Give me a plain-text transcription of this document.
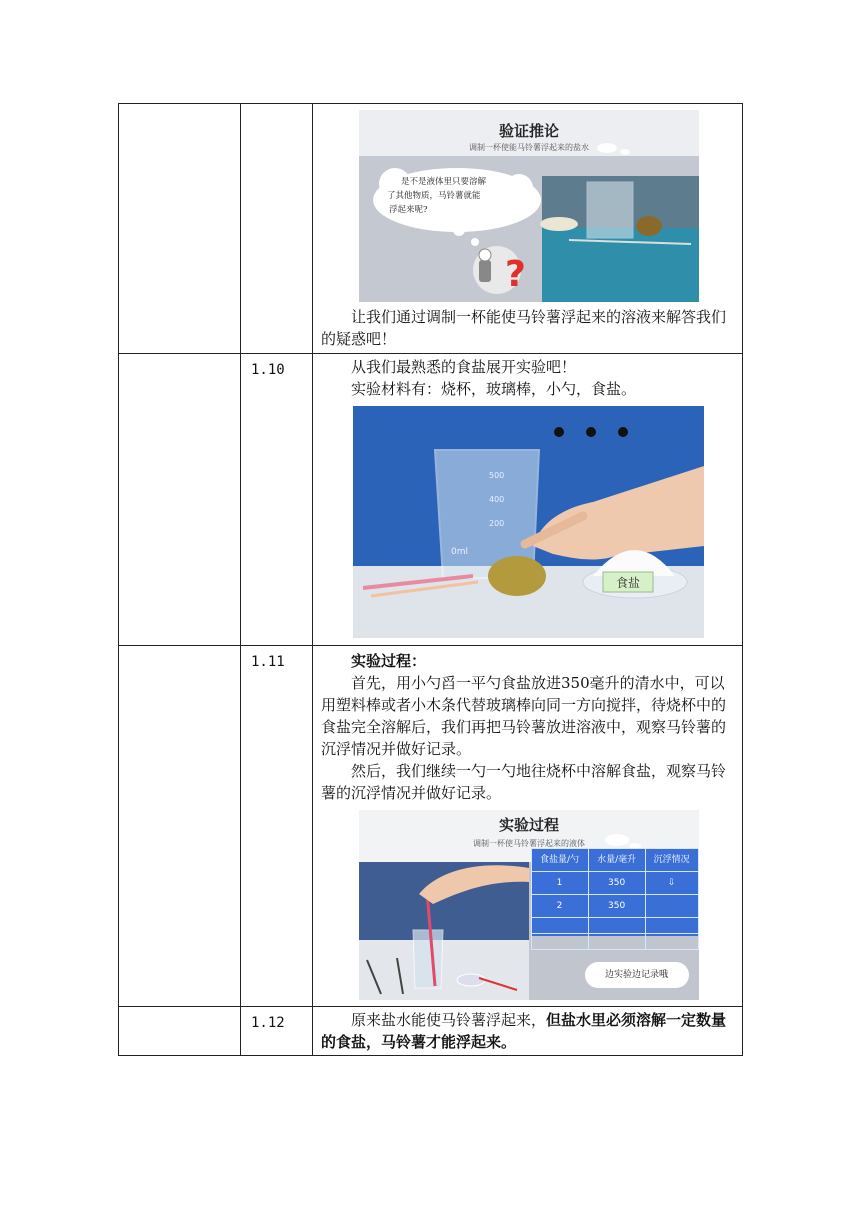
验证推论
调制一杯使能马铃薯浮起来的盐水
是不是液体里只要溶解
了其他物质，马铃薯就能
浮起来呢?
?

让我们通过调制一杯能使马铃薯浮起来的溶液来解答我们的疑惑吧！

	1.10	从我们最熟悉的食盐展开实验吧！

实验材料有：烧杯，玻璃棒，小勺，食盐。

500
400
200
0ml
食盐

	1.11	实验过程：

首先，用小勺舀一平勺食盐放进350毫升的清水中，可以用塑料棒或者小木条代替玻璃棒向同一方向搅拌，待烧杯中的食盐完全溶解后，我们再把马铃薯放进溶液中，观察马铃薯的沉浮情况并做好记录。

然后，我们继续一勺一勺地往烧杯中溶解食盐，观察马铃薯的沉浮情况并做好记录。

实验过程
调制一杯使马铃薯浮起来的液体
食盐量/勺	水量/毫升	沉浮情况
1	350	⇩
2	350	

边实验边记录哦

	1.12	原来盐水能使马铃薯浮起来，但盐水里必须溶解一定数量的食盐，马铃薯才能浮起来。
